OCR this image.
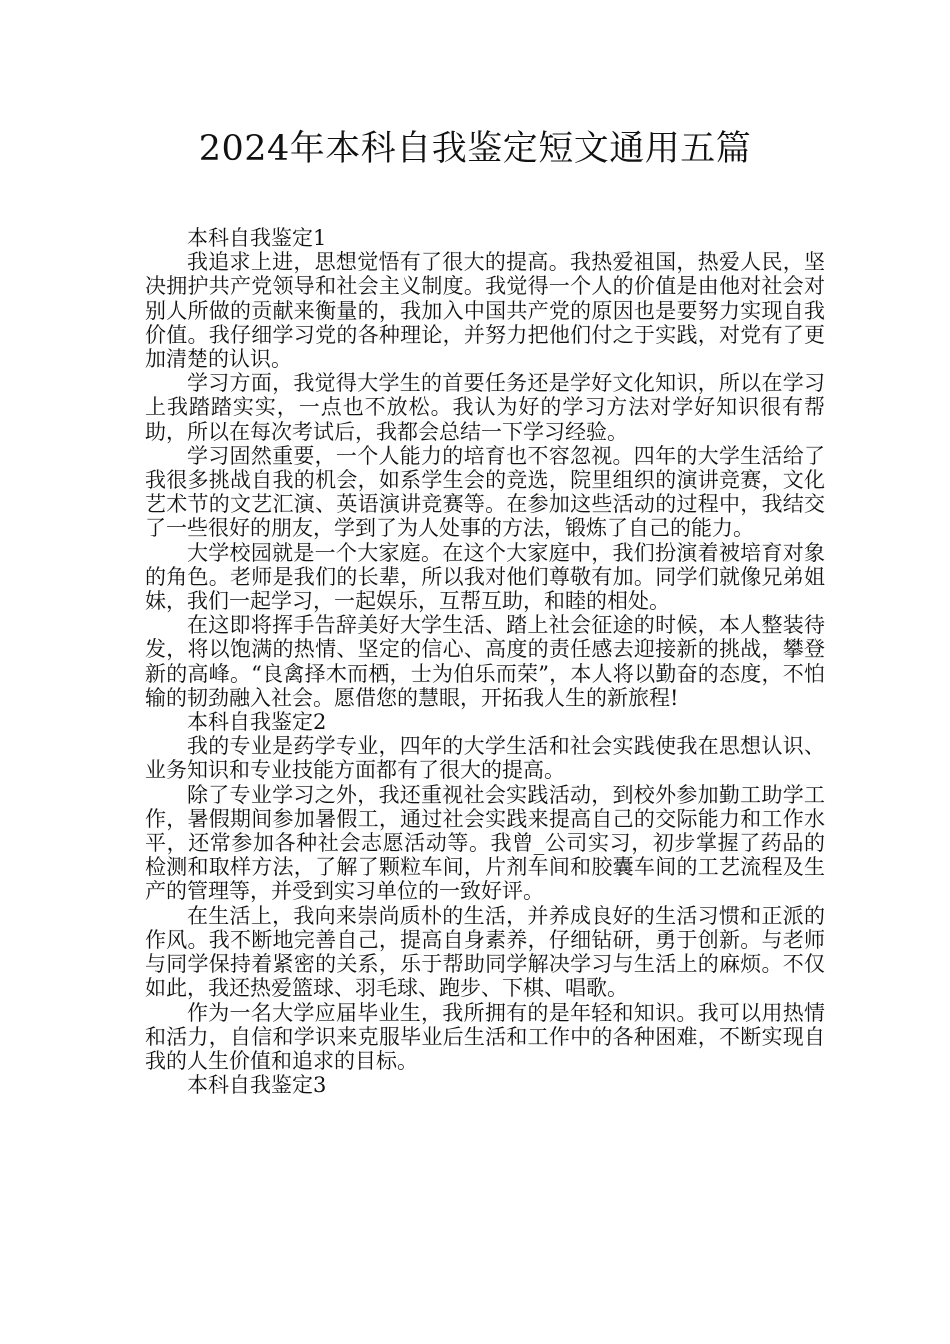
2024年本科自我鉴定短文通用五篇

本科自我鉴定1

我追求上进，思想觉悟有了很大的提高。我热爱祖国，热爱人民，坚决拥护共产党领导和社会主义制度。我觉得一个人的价值是由他对社会对别人所做的贡献来衡量的，我加入中国共产党的原因也是要努力实现自我价值。我仔细学习党的各种理论，并努力把他们付之于实践，对党有了更加清楚的认识。

学习方面，我觉得大学生的首要任务还是学好文化知识，所以在学习上我踏踏实实，一点也不放松。我认为好的学习方法对学好知识很有帮助，所以在每次考试后，我都会总结一下学习经验。

学习固然重要，一个人能力的培育也不容忽视。四年的大学生活给了我很多挑战自我的机会，如系学生会的竞选，院里组织的演讲竞赛，文化艺术节的文艺汇演、英语演讲竞赛等。在参加这些活动的过程中，我结交了一些很好的朋友，学到了为人处事的方法，锻炼了自己的能力。

大学校园就是一个大家庭。在这个大家庭中，我们扮演着被培育对象的角色。老师是我们的长辈，所以我对他们尊敬有加。同学们就像兄弟姐妹，我们一起学习，一起娱乐，互帮互助，和睦的相处。

在这即将挥手告辞美好大学生活、踏上社会征途的时候，本人整装待发，将以饱满的热情、坚定的信心、高度的责任感去迎接新的挑战，攀登新的高峰。“良禽择木而栖，士为伯乐而荣”，本人将以勤奋的态度，不怕输的韧劲融入社会。愿借您的慧眼，开拓我人生的新旅程!

本科自我鉴定2

我的专业是药学专业，四年的大学生活和社会实践使我在思想认识、业务知识和专业技能方面都有了很大的提高。

除了专业学习之外，我还重视社会实践活动，到校外参加勤工助学工作，暑假期间参加暑假工，通过社会实践来提高自己的交际能力和工作水平，还常参加各种社会志愿活动等。我曾_公司实习，初步掌握了药品的检测和取样方法，了解了颗粒车间，片剂车间和胶囊车间的工艺流程及生产的管理等，并受到实习单位的一致好评。

在生活上，我向来崇尚质朴的生活，并养成良好的生活习惯和正派的作风。我不断地完善自己，提高自身素养，仔细钻研，勇于创新。与老师与同学保持着紧密的关系，乐于帮助同学解决学习与生活上的麻烦。不仅如此，我还热爱篮球、羽毛球、跑步、下棋、唱歌。

作为一名大学应届毕业生，我所拥有的是年轻和知识。我可以用热情和活力，自信和学识来克服毕业后生活和工作中的各种困难，不断实现自我的人生价值和追求的目标。

本科自我鉴定3
